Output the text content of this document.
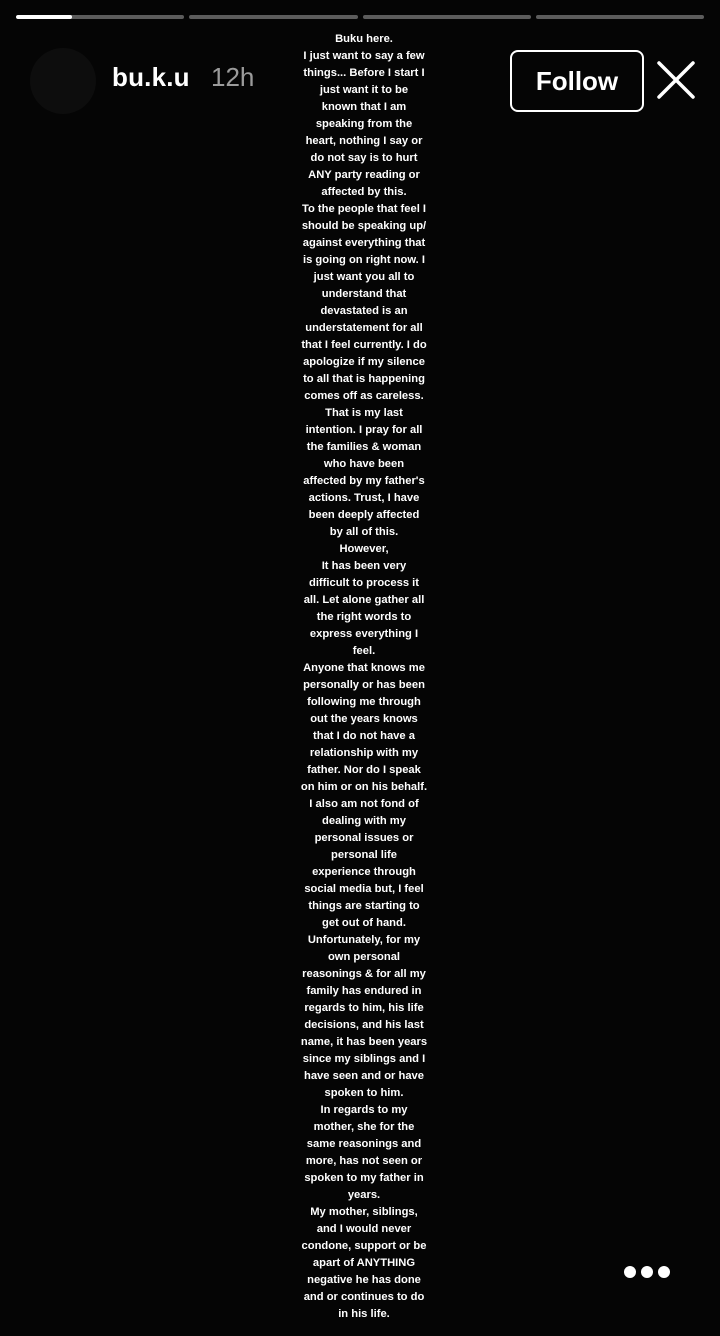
bu.k.u 12h	Follow
Buku here.
I just want to say a few
things... Before I start I
just want it to be
known that I am
speaking from the
heart, nothing I say or
do not say is to hurt
ANY party reading or
affected by this.
To the people that feel I
should be speaking up/
against everything that
is going on right now. I
just want you all to
understand that
devastated is an
understatement for all
that I feel currently. I do
apologize if my silence
to all that is happening
comes off as careless.
That is my last
intention. I pray for all
the families & woman
who have been
affected by my father's
actions. Trust, I have
been deeply affected
by all of this.
However,
It has been very
difficult to process it
all. Let alone gather all
the right words to
express everything I
feel.
Anyone that knows me
personally or has been
following me through
out the years knows
that I do not have a
relationship with my
father. Nor do I speak
on him or on his behalf.
I also am not fond of
dealing with my
personal issues or
personal life
experience through
social media but, I feel
things are starting to
get out of hand.
Unfortunately, for my
own personal
reasonings & for all my
family has endured in
regards to him, his life
decisions, and his last
name, it has been years
since my siblings and I
have seen and or have
spoken to him.
In regards to my
mother, she for the
same reasonings and
more, has not seen or
spoken to my father in
years.
My mother, siblings,
and I would never
condone, support or be
apart of ANYTHING
negative he has done
and or continues to do
in his life.
